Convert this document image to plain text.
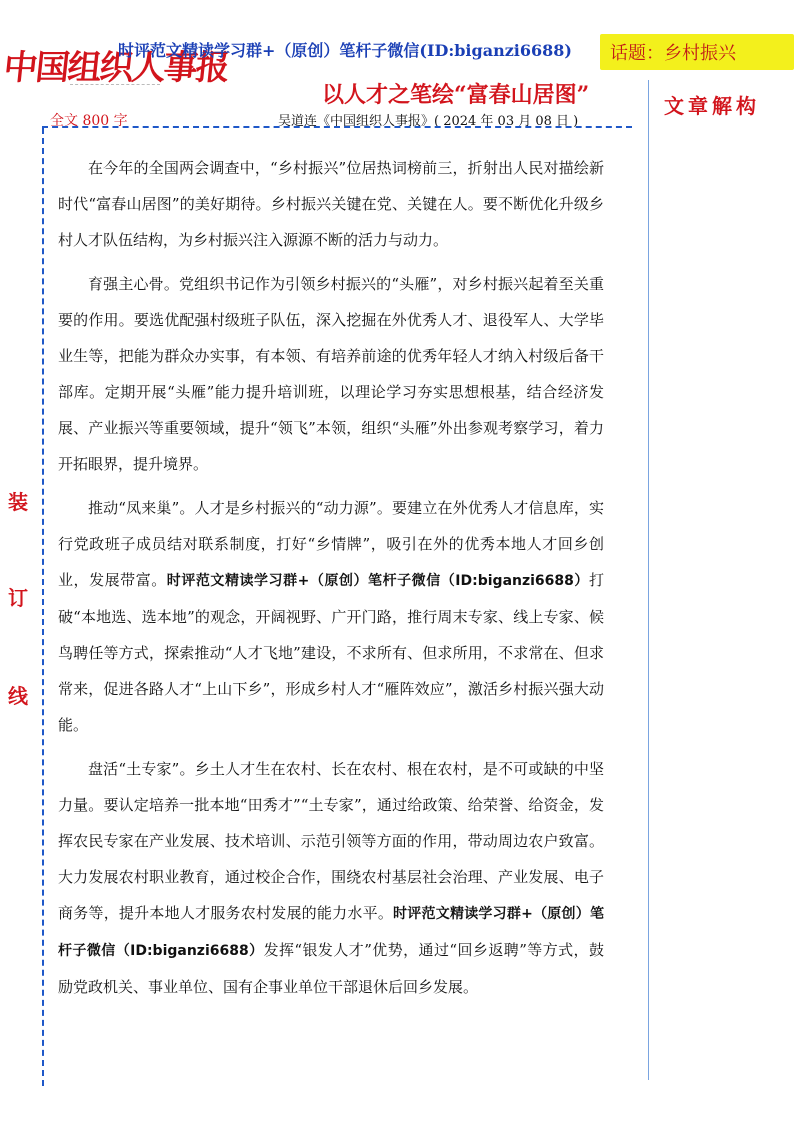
中国组织人事报
时评范文精读学习群+（原创）笔杆子微信(ID:biganzi6688)	话题：乡村振兴
以人才之笔绘“富春山居图”	文章解构
全文 800 字	吴道连《中国组织人事报》( 2024 年 03 月 08 日 )
装
订
线

在今年的全国两会调查中，“乡村振兴”位居热词榜前三，折射出人民对描绘新时代“富春山居图”的美好期待。乡村振兴关键在党、关键在人。要不断优化升级乡村人才队伍结构，为乡村振兴注入源源不断的活力与动力。

育强主心骨。党组织书记作为引领乡村振兴的“头雁”，对乡村振兴起着至关重要的作用。要选优配强村级班子队伍，深入挖掘在外优秀人才、退役军人、大学毕业生等，把能为群众办实事，有本领、有培养前途的优秀年轻人才纳入村级后备干部库。定期开展“头雁”能力提升培训班，以理论学习夯实思想根基，结合经济发展、产业振兴等重要领域，提升“领飞”本领，组织“头雁”外出参观考察学习，着力开拓眼界，提升境界。

推动“凤来巢”。人才是乡村振兴的“动力源”。要建立在外优秀人才信息库，实行党政班子成员结对联系制度，打好“乡情牌”，吸引在外的优秀本地人才回乡创业，发展带富。时评范文精读学习群+（原创）笔杆子微信（ID:biganzi6688）打破“本地选、选本地”的观念，开阔视野、广开门路，推行周末专家、线上专家、候鸟聘任等方式，探索推动“人才飞地”建设，不求所有、但求所用，不求常在、但求常来，促进各路人才“上山下乡”，形成乡村人才“雁阵效应”，激活乡村振兴强大动能。

盘活“土专家”。乡土人才生在农村、长在农村、根在农村，是不可或缺的中坚力量。要认定培养一批本地“田秀才”“土专家”，通过给政策、给荣誉、给资金，发挥农民专家在产业发展、技术培训、示范引领等方面的作用，带动周边农户致富。大力发展农村职业教育，通过校企合作，围绕农村基层社会治理、产业发展、电子商务等，提升本地人才服务农村发展的能力水平。时评范文精读学习群+（原创）笔杆子微信（ID:biganzi6688）发挥“银发人才”优势，通过“回乡返聘”等方式，鼓励党政机关、事业单位、国有企事业单位干部退休后回乡发展。
